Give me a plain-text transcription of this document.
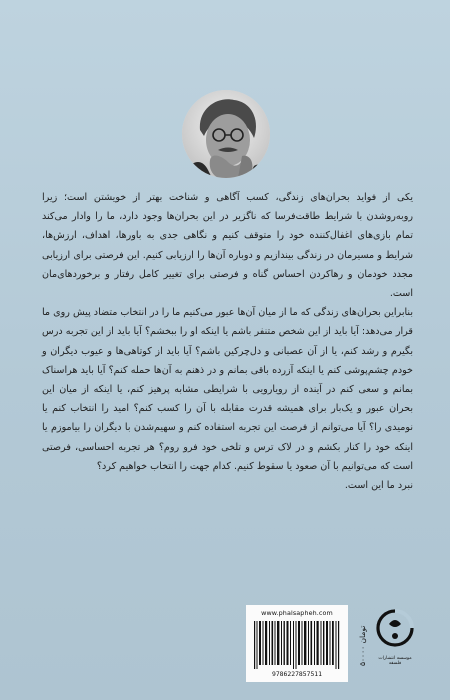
یکی از فواید بحران‌های زندگی، کسب آگاهی و شناخت بهتر از خویشتن است؛ زیرا روبه‌روشدن با شرایط طاقت‌فرسا که ناگزیر در این بحران‌ها وجود دارد، ما را وادار می‌کند تمام بازی‌های اغفال‌کننده خود را متوقف کنیم و نگاهی جدی به باورها، اهداف، ارزش‌ها، شرایط و مسیرمان در زندگی بیندازیم و دوباره آن‌ها را ارزیابی کنیم. این فرصتی برای ارزیابی مجدد خودمان و رهاکردن احساس گناه و فرصتی برای تغییر کامل رفتار و برخوردهای‌مان است.

بنابراین بحران‌های زندگی که ما از میان آن‌ها عبور می‌کنیم ما را در انتخاب متضاد پیش روی ما قرار می‌دهد: آیا باید از این شخص متنفر باشم یا اینکه او را ببخشم؟ آیا باید از این تجربه درس بگیرم و رشد کنم، یا از آن عصبانی و دل‌چرکین باشم؟ آیا باید از کوتاهی‌ها و عیوب دیگران و خودم چشم‌پوشی کنم یا اینکه آزرده باقی بمانم و در ذهنم به آن‌ها حمله کنم؟ آیا باید هراسناک بمانم و سعی کنم در آینده از رویارویی با شرایطی مشابه پرهیز کنم، یا اینکه از میان این بحران عبور و یک‌بار برای همیشه قدرت مقابله با آن را کسب کنم؟ امید را انتخاب کنم یا نومیدی را؟ آیا می‌توانم از فرصت این تجربه استفاده کنم و سهیم‌شدن با دیگران را بیاموزم یا اینکه خود را کنار بکشم و در لاک ترس و تلخی خود فرو روم؟ هر تجربه احساسی، فرصتی است که می‌توانیم با آن صعود یا سقوط کنیم. کدام جهت را انتخاب خواهیم کرد؟

نبرد ما این است.

www.phalsapheh.com
9786227857511
۵۰۰۰۰ تومان
موسسه انتشارات فلسفه
